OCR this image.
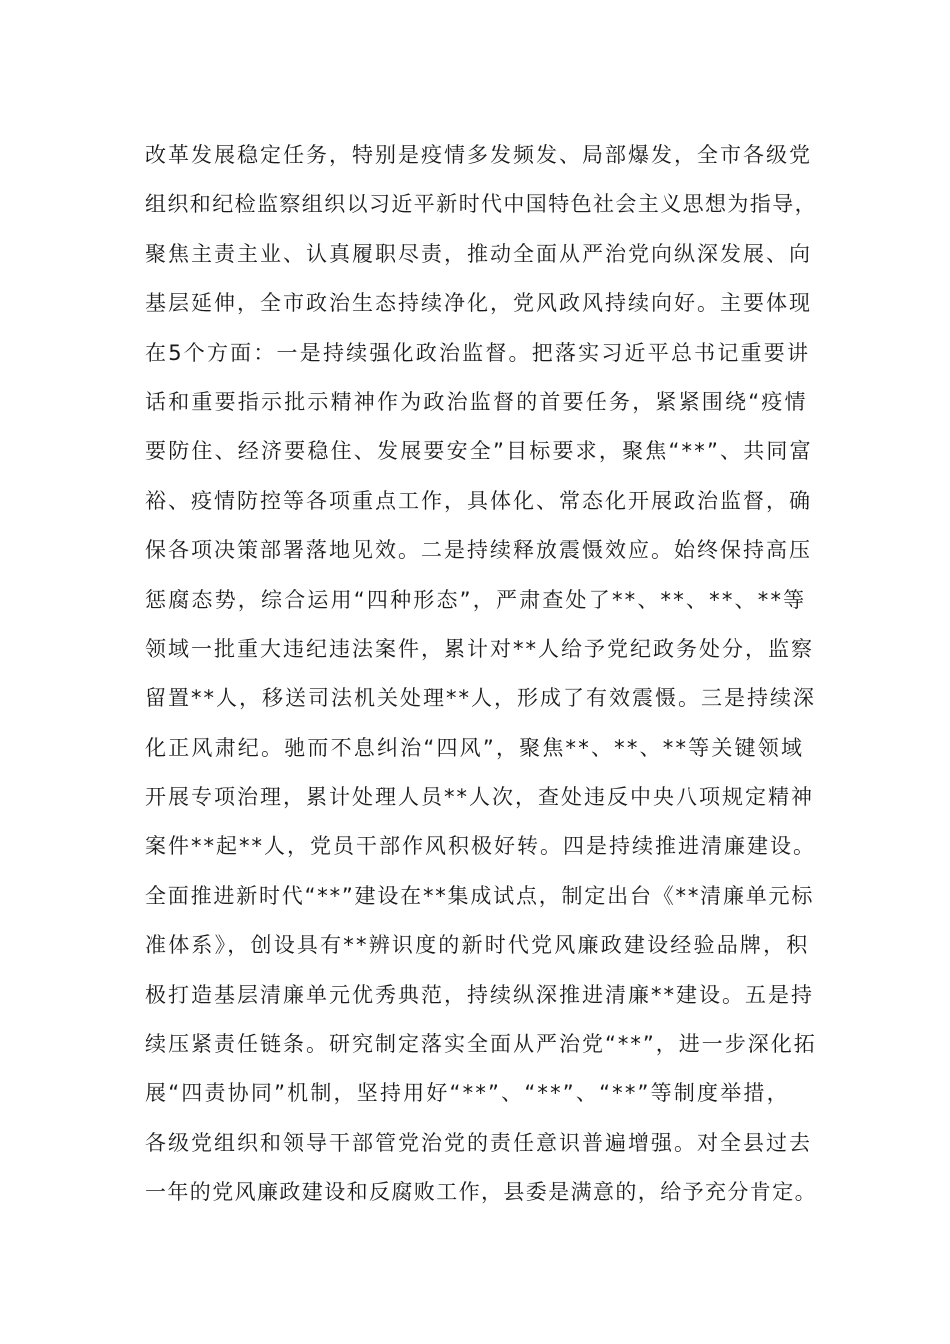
改革发展稳定任务，特别是疫情多发频发、局部爆发，全市各级党
组织和纪检监察组织以习近平新时代中国特色社会主义思想为指导，
聚焦主责主业、认真履职尽责，推动全面从严治党向纵深发展、向
基层延伸，全市政治生态持续净化，党风政风持续向好。主要体现
在5个方面：一是持续强化政治监督。把落实习近平总书记重要讲
话和重要指示批示精神作为政治监督的首要任务，紧紧围绕“疫情
要防住、经济要稳住、发展要安全”目标要求，聚焦“**”、共同富
裕、疫情防控等各项重点工作，具体化、常态化开展政治监督，确
保各项决策部署落地见效。二是持续释放震慑效应。始终保持高压
惩腐态势，综合运用“四种形态”，严肃查处了**、**、**、**等
领域一批重大违纪违法案件，累计对**人给予党纪政务处分，监察
留置**人，移送司法机关处理**人，形成了有效震慑。三是持续深
化正风肃纪。驰而不息纠治“四风”，聚焦**、**、**等关键领域
开展专项治理，累计处理人员**人次，查处违反中央八项规定精神
案件**起**人，党员干部作风积极好转。四是持续推进清廉建设。
全面推进新时代“**”建设在**集成试点，制定出台《**清廉单元标
准体系》，创设具有**辨识度的新时代党风廉政建设经验品牌，积
极打造基层清廉单元优秀典范，持续纵深推进清廉**建设。五是持
续压紧责任链条。研究制定落实全面从严治党“**”，进一步深化拓
展“四责协同”机制，坚持用好“**”、“**”、“**”等制度举措，
各级党组织和领导干部管党治党的责任意识普遍增强。对全县过去
一年的党风廉政建设和反腐败工作，县委是满意的，给予充分肯定。
